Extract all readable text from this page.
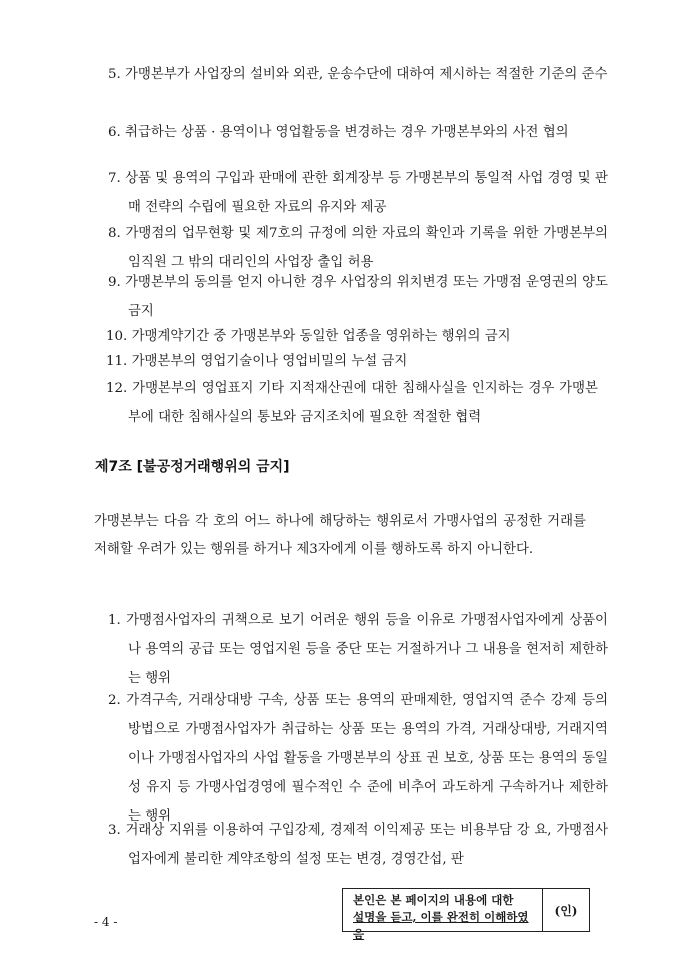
5. 가맹본부가 사업장의 설비와 외관, 운송수단에 대하여 제시하는 적절한 기준의 준수
6. 취급하는 상품 · 용역이나 영업활동을 변경하는 경우 가맹본부와의 사전 협의
7. 상품 및 용역의 구입과 판매에 관한 회계장부 등 가맹본부의 통일적 사업 경영 및 판매 전략의 수립에 필요한 자료의 유지와 제공
8. 가맹점의 업무현황 및 제7호의 규정에 의한 자료의 확인과 기록을 위한 가맹본부의 임직원 그 밖의 대리인의 사업장 출입 허용
9. 가맹본부의 동의를 얻지 아니한 경우 사업장의 위치변경 또는 가맹점 운영권의 양도금지
10. 가맹계약기간 중 가맹본부와 동일한 업종을 영위하는 행위의 금지
11. 가맹본부의 영업기술이나 영업비밀의 누설 금지
12. 가맹본부의 영업표지 기타 지적재산권에 대한 침해사실을 인지하는 경우 가맹본부에 대한 침해사실의 통보와 금지조치에 필요한 적절한 협력
제7조 [불공정거래행위의 금지]
가맹본부는 다음 각 호의 어느 하나에 해당하는 행위로서 가맹사업의 공정한 거래를 저해할 우려가 있는 행위를 하거나 제3자에게 이를 행하도록 하지 아니한다.
1. 가맹점사업자의 귀책으로 보기 어려운 행위 등을 이유로 가맹점사업자에게 상품이나 용역의 공급 또는 영업지원 등을 중단 또는 거절하거나 그 내용을 현저히 제한하는 행위
2. 가격구속, 거래상대방 구속, 상품 또는 용역의 판매제한, 영업지역 준수 강제 등의 방법으로 가맹점사업자가 취급하는 상품 또는 용역의 가격, 거래상대방, 거래지역이나 가맹점사업자의 사업 활동을 가맹본부의 상표 권 보호, 상품 또는 용역의 동일성 유지 등 가맹사업경영에 필수적인 수 준에 비추어 과도하게 구속하거나 제한하는 행위
3. 거래상 지위를 이용하여 구입강제, 경제적 이익제공 또는 비용부담 강 요, 가맹점사업자에게 불리한 계약조항의 설정 또는 변경, 경영간섭, 판
- 4 -
본인은 본 페이지의 내용에 대한
설명을 듣고, 이를 완전히 이해하였음
(인)
